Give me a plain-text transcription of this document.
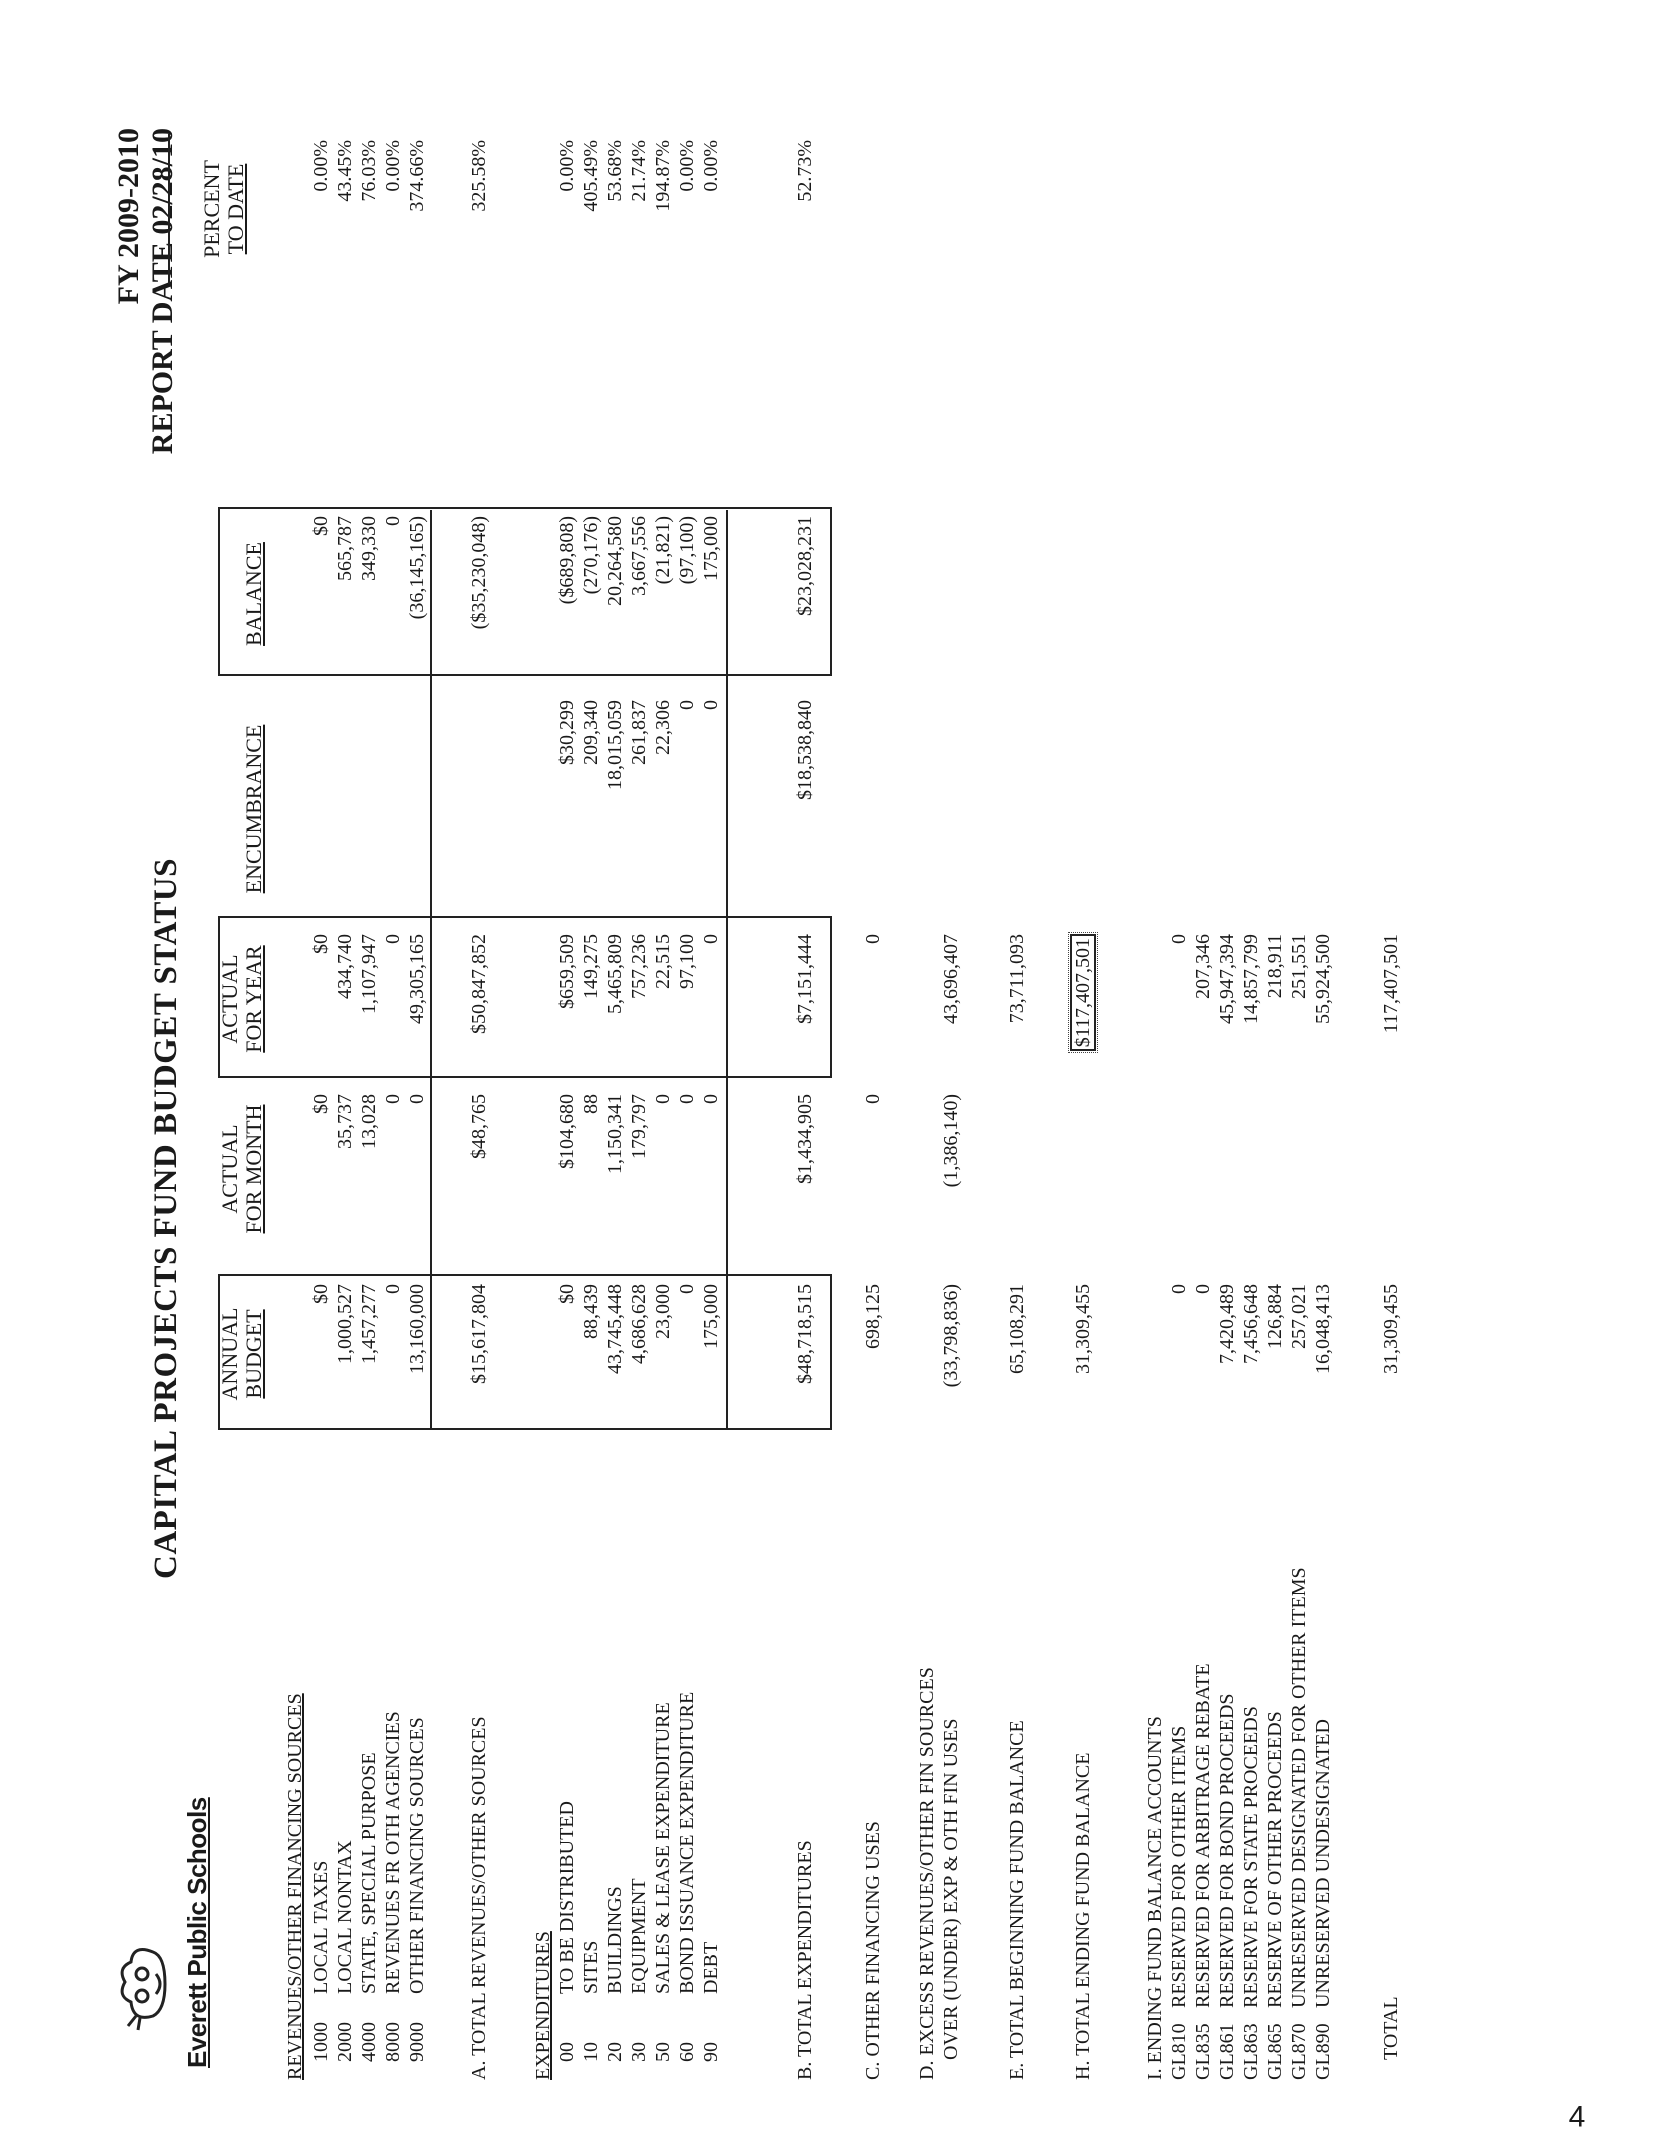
Everett Public Schools
CAPITAL PROJECTS FUND BUDGET STATUS
FY 2009-2010 REPORT DATE 02/28/10
ANNUAL BUDGET
ACTUAL FOR MONTH
ACTUAL FOR YEAR
ENCUMBRANCE
BALANCE
PERCENT TO DATE
REVENUES/OTHER FINANCING SOURCES 1000
LOCAL TAXES
$0
$0
$0
$0
0.00%
2000
LOCAL NONTAX
1,000,527
35,737
434,740
565,787
43.45%
4000
STATE, SPECIAL PURPOSE
1,457,277
13,028
1,107,947
349,330
76.03%
8000
REVENUES FR OTH AGENCIES
0
0
0
0
0.00%
9000
OTHER FINANCING SOURCES
13,160,000
0
49,305,165
(36,145,165)
374.66%
A. TOTAL REVENUES/OTHER SOURCES
$15,617,804
$48,765
$50,847,852
($35,230,048)
325.58%
EXPENDITURES 00
TO BE DISTRIBUTED
$0
$104,680
$659,509
$30,299
($689,808)
0.00%
10
SITES
88,439
88
149,275
209,340
(270,176)
405.49%
20
BUILDINGS
43,745,448
1,150,341
5,465,809
18,015,059
20,264,580
53.68%
30
EQUIPMENT
4,686,628
179,797
757,236
261,837
3,667,556
21.74%
50
SALES & LEASE EXPENDITURE
23,000
0
22,515
22,306
(21,821)
194.87%
60
BOND ISSUANCE EXPENDITURE
0
0
97,100
0
(97,100)
0.00%
90
DEBT
175,000
0
0
0
175,000
0.00%
B. TOTAL EXPENDITURES
$48,718,515
$1,434,905
$7,151,444
$18,538,840
$23,028,231
52.73%
C. OTHER FINANCING USES
698,125
0
0
D. EXCESS REVENUES/OTHER FIN SOURCES OVER (UNDER) EXP & OTH FIN USES
(33,798,836)
(1,386,140)
43,696,407
E. TOTAL BEGINNING FUND BALANCE
65,108,291
73,711,093
H. TOTAL ENDING FUND BALANCE
31,309,455
$117,407,501
I. ENDING FUND BALANCE ACCOUNTS GL810
RESERVED FOR OTHER ITEMS
0
0
GL835
RESERVED FOR ARBITRAGE REBATE
0
207,346
GL861
RESERVED FOR BOND PROCEEDS
7,420,489
45,947,394
GL863
RESERVE FOR STATE PROCEEDS
7,456,648
14,857,799
GL865
RESERVE OF OTHER PROCEEDS
126,884
218,911
GL870
UNRESERVED DESIGNATED FOR OTHER ITEMS
257,021
251,551
GL890
UNRESERVED UNDESIGNATED
16,048,413
55,924,500
TOTAL
31,309,455
117,407,501
4
